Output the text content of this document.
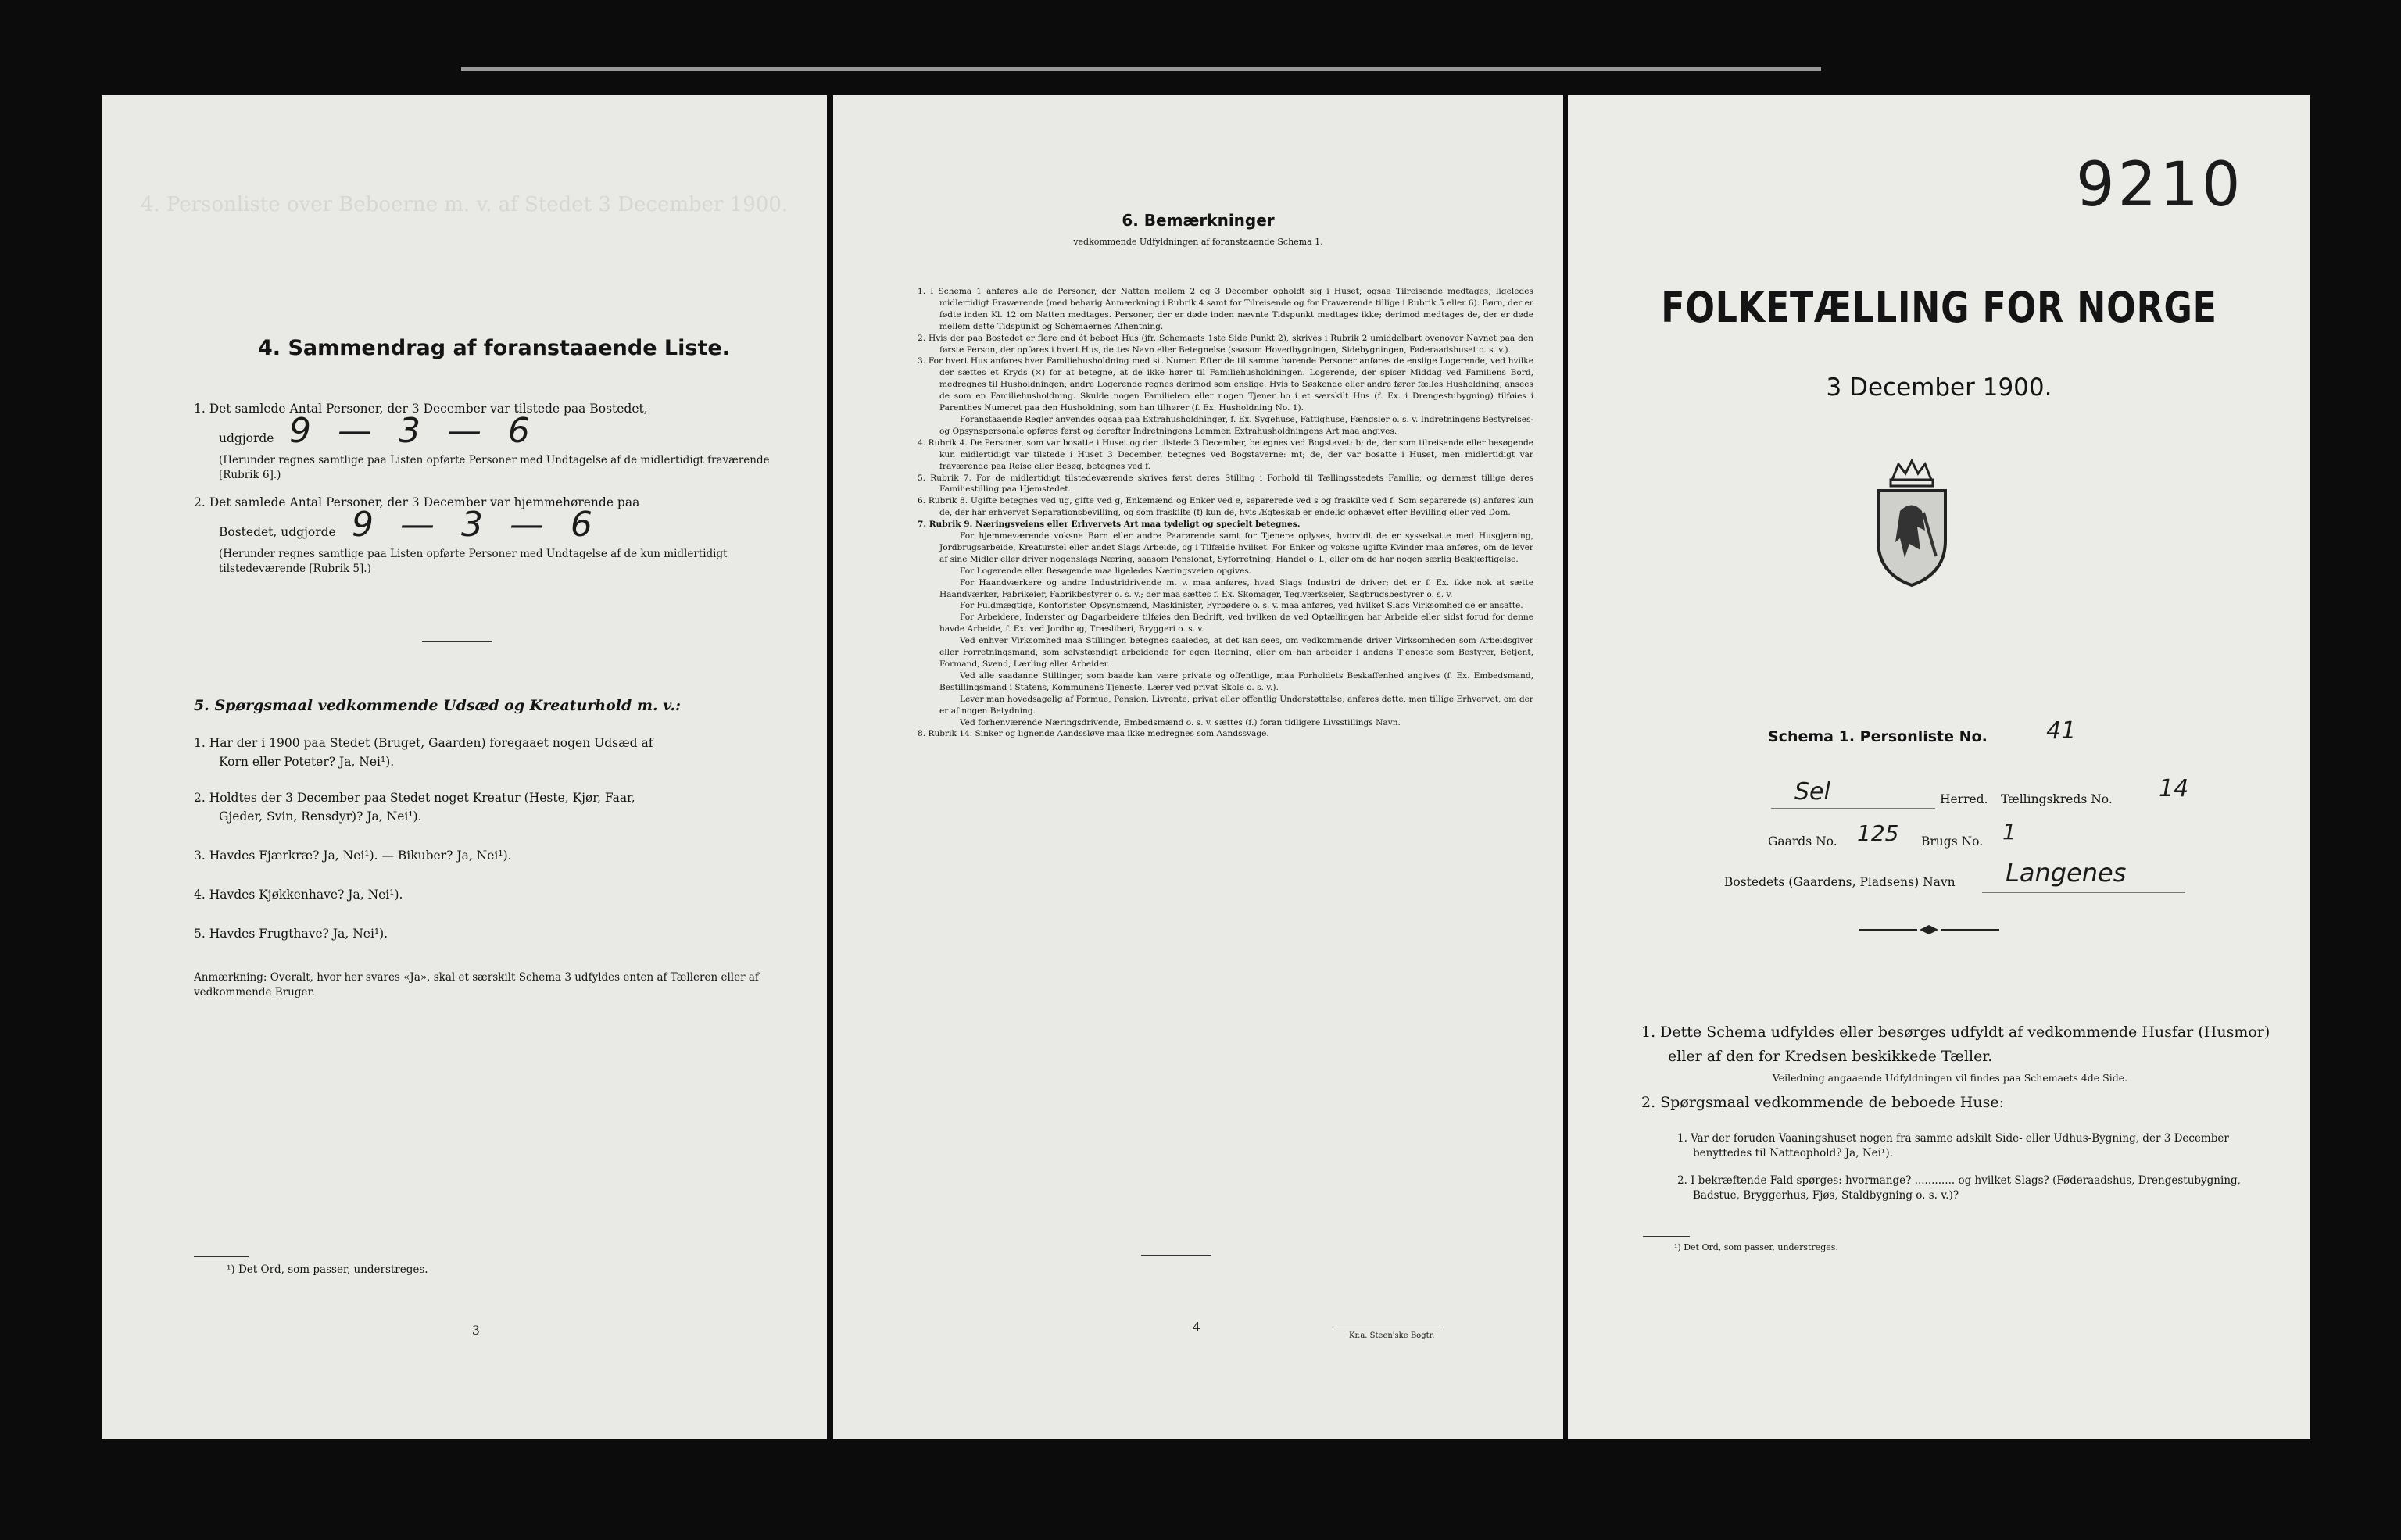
4. Personliste over Beboerne m. v. af Stedet 3 December 1900.

4. Sammendrag af foranstaaende Liste.

1. Det samlede Antal Personer, der 3 December var tilstede paa Bostedet,

udgjorde 9 — 3 — 6

(Herunder regnes samtlige paa Listen opførte Personer med Undtagelse af de midlertidigt fraværende [Rubrik 6].)

2. Det samlede Antal Personer, der 3 December var hjemmehørende paa

Bostedet, udgjorde 9 — 3 — 6

(Herunder regnes samtlige paa Listen opførte Personer med Undtagelse af de kun midlertidigt tilstedeværende [Rubrik 5].)

5. Spørgsmaal vedkommende Udsæd og Kreaturhold m. v.:

1. Har der i 1900 paa Stedet (Bruget, Gaarden) foregaaet nogen Udsæd af

Korn eller Poteter? Ja, Nei¹).

2. Holdtes der 3 December paa Stedet noget Kreatur (Heste, Kjør, Faar,

Gjeder, Svin, Rensdyr)? Ja, Nei¹).

3. Havdes Fjærkræ? Ja, Nei¹). — Bikuber? Ja, Nei¹).

4. Havdes Kjøkkenhave? Ja, Nei¹).

5. Havdes Frugthave? Ja, Nei¹).

Anmærkning: Overalt, hvor her svares «Ja», skal et særskilt Schema 3 udfyldes enten af Tælleren eller af vedkommende Bruger.

¹) Det Ord, som passer, understreges.

3

6. Bemærkninger

vedkommende Udfyldningen af foranstaaende Schema 1.

1. I Schema 1 anføres alle de Personer, der Natten mellem 2 og 3 December opholdt sig i Huset; ogsaa Tilreisende medtages; ligeledes midlertidigt Fraværende (med behørig Anmærkning i Rubrik 4 samt for Tilreisende og for Fraværende tillige i Rubrik 5 eller 6). Børn, der er fødte inden Kl. 12 om Natten medtages. Personer, der er døde inden nævnte Tidspunkt medtages ikke; derimod medtages de, der er døde mellem dette Tidspunkt og Schemaernes Afhentning.

2. Hvis der paa Bostedet er flere end ét beboet Hus (jfr. Schemaets 1ste Side Punkt 2), skrives i Rubrik 2 umiddelbart ovenover Navnet paa den første Person, der opføres i hvert Hus, dettes Navn eller Betegnelse (saasom Hovedbygningen, Sidebygningen, Føderaadshuset o. s. v.).

3. For hvert Hus anføres hver Familiehusholdning med sit Numer. Efter de til samme hørende Personer anføres de enslige Logerende, ved hvilke der sættes et Kryds (×) for at betegne, at de ikke hører til Familiehusholdningen. Logerende, der spiser Middag ved Familiens Bord, medregnes til Husholdningen; andre Logerende regnes derimod som enslige. Hvis to Søskende eller andre fører fælles Husholdning, ansees de som en Familiehusholdning. Skulde nogen Familielem eller nogen Tjener bo i et særskilt Hus (f. Ex. i Drengestubygning) tilføies i Parenthes Numeret paa den Husholdning, som han tilhører (f. Ex. Husholdning No. 1).

Foranstaaende Regler anvendes ogsaa paa Extrahusholdninger, f. Ex. Sygehuse, Fattighuse, Fængsler o. s. v. Indretningens Bestyrelses- og Opsynspersonale opføres først og derefter Indretningens Lemmer. Extrahusholdningens Art maa angives.

4. Rubrik 4. De Personer, som var bosatte i Huset og der tilstede 3 December, betegnes ved Bogstavet: b; de, der som tilreisende eller besøgende kun midlertidigt var tilstede i Huset 3 December, betegnes ved Bogstaverne: mt; de, der var bosatte i Huset, men midlertidigt var fraværende paa Reise eller Besøg, betegnes ved f.

5. Rubrik 7. For de midlertidigt tilstedeværende skrives først deres Stilling i Forhold til Tællingsstedets Familie, og dernæst tillige deres Familiestilling paa Hjemstedet.

6. Rubrik 8. Ugifte betegnes ved ug, gifte ved g, Enkemænd og Enker ved e, separerede ved s og fraskilte ved f. Som separerede (s) anføres kun de, der har erhvervet Separationsbevilling, og som fraskilte (f) kun de, hvis Ægteskab er endelig ophævet efter Bevilling eller ved Dom.

7. Rubrik 9. Næringsveiens eller Erhvervets Art maa tydeligt og specielt betegnes.

For hjemmeværende voksne Børn eller andre Paarørende samt for Tjenere oplyses, hvorvidt de er sysselsatte med Husgjerning, Jordbrugsarbeide, Kreaturstel eller andet Slags Arbeide, og i Tilfælde hvilket. For Enker og voksne ugifte Kvinder maa anføres, om de lever af sine Midler eller driver nogenslags Næring, saasom Pensionat, Syforretning, Handel o. l., eller om de har nogen særlig Beskjæftigelse.

For Logerende eller Besøgende maa ligeledes Næringsveien opgives.

For Haandværkere og andre Industridrivende m. v. maa anføres, hvad Slags Industri de driver; det er f. Ex. ikke nok at sætte Haandværker, Fabrikeier, Fabrikbestyrer o. s. v.; der maa sættes f. Ex. Skomager, Teglværkseier, Sagbrugsbestyrer o. s. v.

For Fuldmægtige, Kontorister, Opsynsmænd, Maskinister, Fyrbødere o. s. v. maa anføres, ved hvilket Slags Virksomhed de er ansatte.

For Arbeidere, Inderster og Dagarbeidere tilføies den Bedrift, ved hvilken de ved Optællingen har Arbeide eller sidst forud for denne havde Arbeide, f. Ex. ved Jordbrug, Træsliberi, Bryggeri o. s. v.

Ved enhver Virksomhed maa Stillingen betegnes saaledes, at det kan sees, om vedkommende driver Virksomheden som Arbeidsgiver eller Forretningsmand, som selvstændigt arbeidende for egen Regning, eller om han arbeider i andens Tjeneste som Bestyrer, Betjent, Formand, Svend, Lærling eller Arbeider.

Ved alle saadanne Stillinger, som baade kan være private og offentlige, maa Forholdets Beskaffenhed angives (f. Ex. Embedsmand, Bestillingsmand i Statens, Kommunens Tjeneste, Lærer ved privat Skole o. s. v.).

Lever man hovedsagelig af Formue, Pension, Livrente, privat eller offentlig Understøttelse, anføres dette, men tillige Erhvervet, om der er af nogen Betydning.

Ved forhenværende Næringsdrivende, Embedsmænd o. s. v. sættes (f.) foran tidligere Livsstillings Navn.

8. Rubrik 14. Sinker og lignende Aandssløve maa ikke medregnes som Aandssvage.

4

Kr.a. Steen'ske Bogtr.

9210

FOLKETÆLLING FOR NORGE

3 December 1900.

Schema 1. Personliste No.	41

Sel	Herred. Tællingskreds No. 14

Gaards No. 125 Brugs No. 1

Bostedets (Gaardens, Pladsens) Navn Langenes

1. Dette Schema udfyldes eller besørges udfyldt af vedkommende Husfar (Husmor) eller af den for Kredsen beskikkede Tæller.

Veiledning angaaende Udfyldningen vil findes paa Schemaets 4de Side.

2. Spørgsmaal vedkommende de beboede Huse:

1. Var der foruden Vaaningshuset nogen fra samme adskilt Side- eller Udhus-Bygning, der 3 December benyttedes til Natteophold? Ja, Nei¹).

2. I bekræftende Fald spørges: hvormange? ............ og hvilket Slags? (Føderaadshus, Drengestubygning, Badstue, Bryggerhus, Fjøs, Staldbygning o. s. v.)?

¹) Det Ord, som passer, understreges.
